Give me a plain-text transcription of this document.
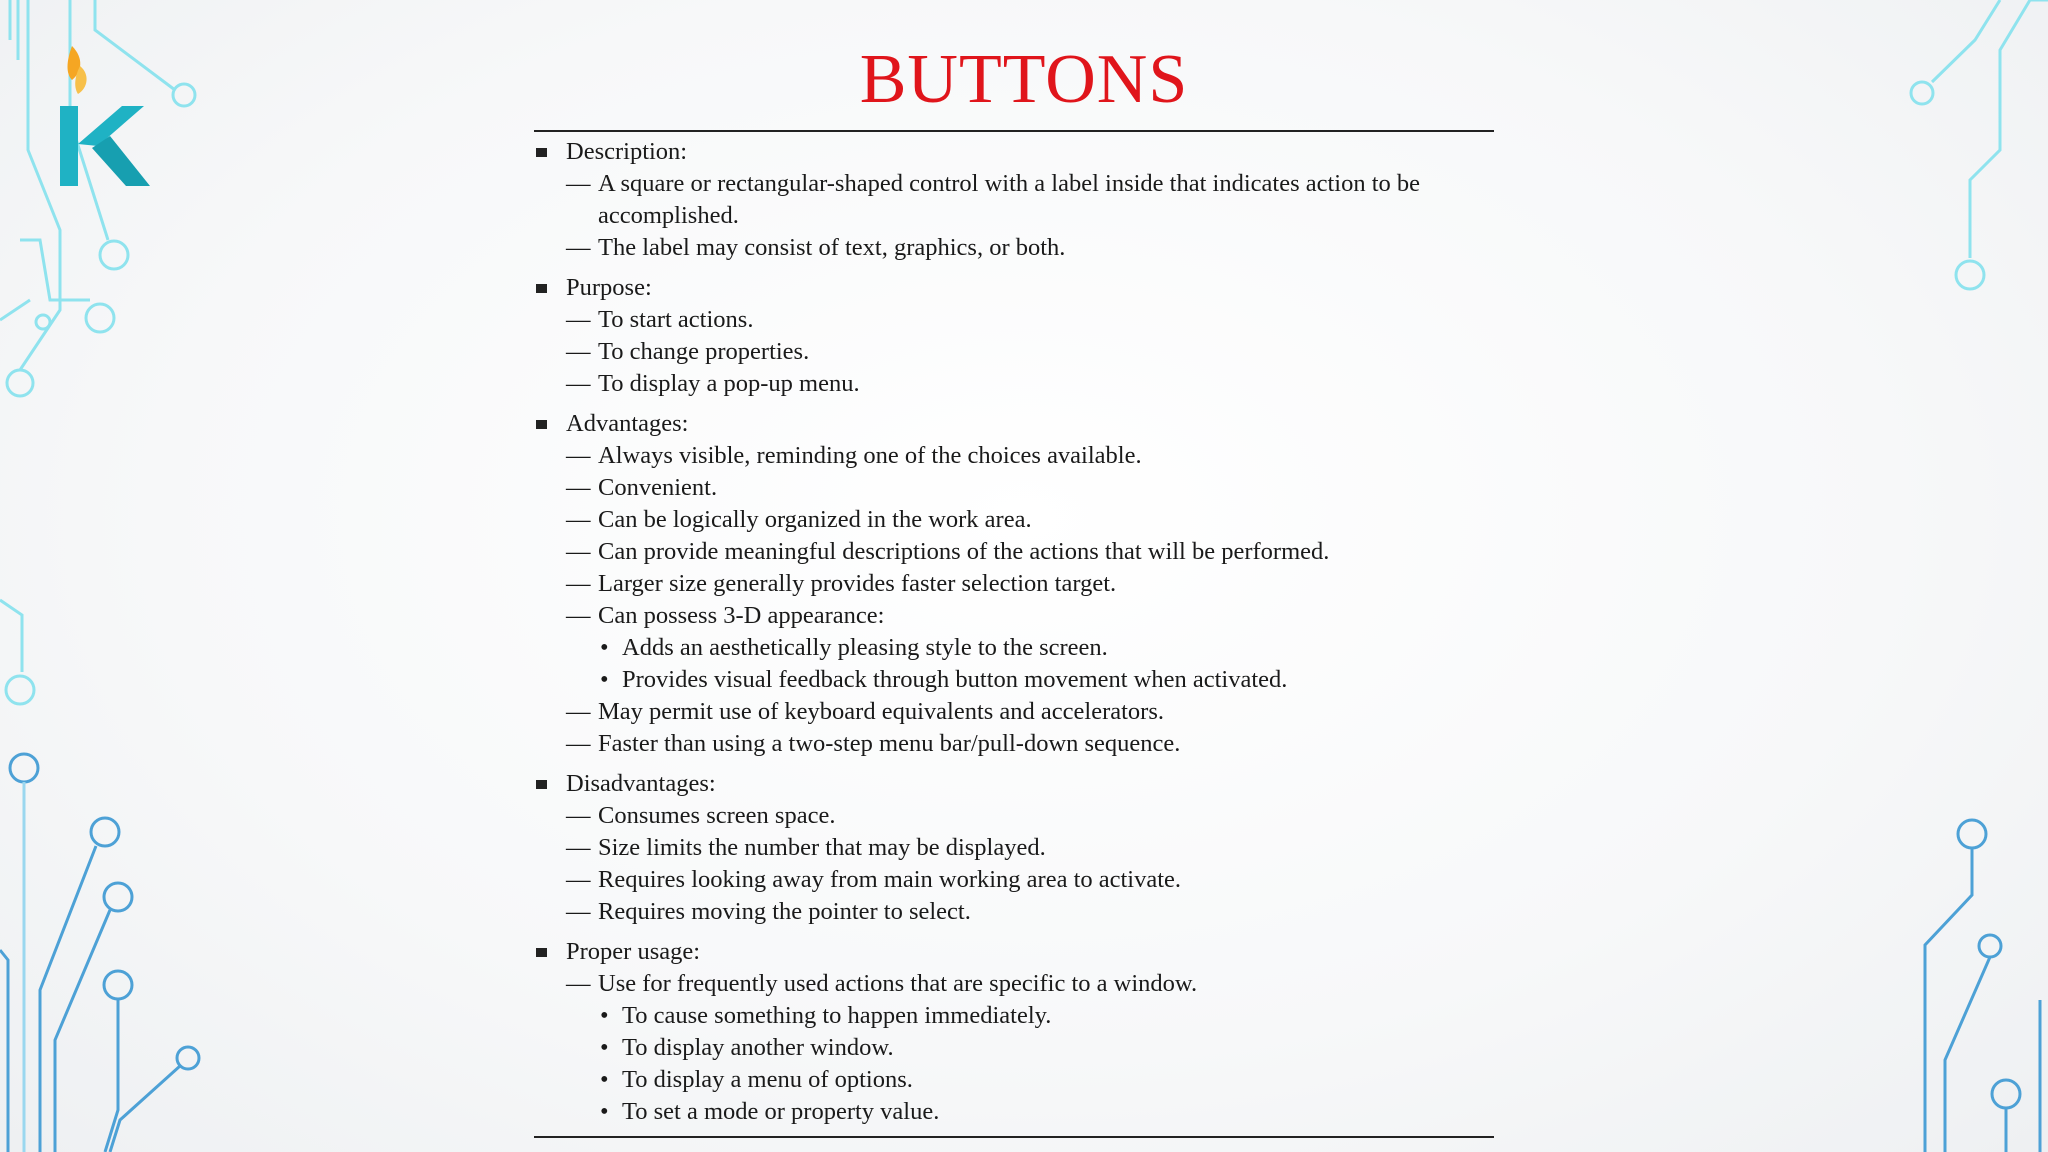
BUTTONS
Description:
— A square or rectangular-shaped control with a label inside that indicates action to be accomplished.
— The label may consist of text, graphics, or both.
Purpose:
— To start actions.
— To change properties.
— To display a pop-up menu.
Advantages:
— Always visible, reminding one of the choices available.
— Convenient.
— Can be logically organized in the work area.
— Can provide meaningful descriptions of the actions that will be performed.
— Larger size generally provides faster selection target.
— Can possess 3-D appearance:
• Adds an aesthetically pleasing style to the screen.
• Provides visual feedback through button movement when activated.
— May permit use of keyboard equivalents and accelerators.
— Faster than using a two-step menu bar/pull-down sequence.
Disadvantages:
— Consumes screen space.
— Size limits the number that may be displayed.
— Requires looking away from main working area to activate.
— Requires moving the pointer to select.
Proper usage:
— Use for frequently used actions that are specific to a window.
• To cause something to happen immediately.
• To display another window.
• To display a menu of options.
• To set a mode or property value.
